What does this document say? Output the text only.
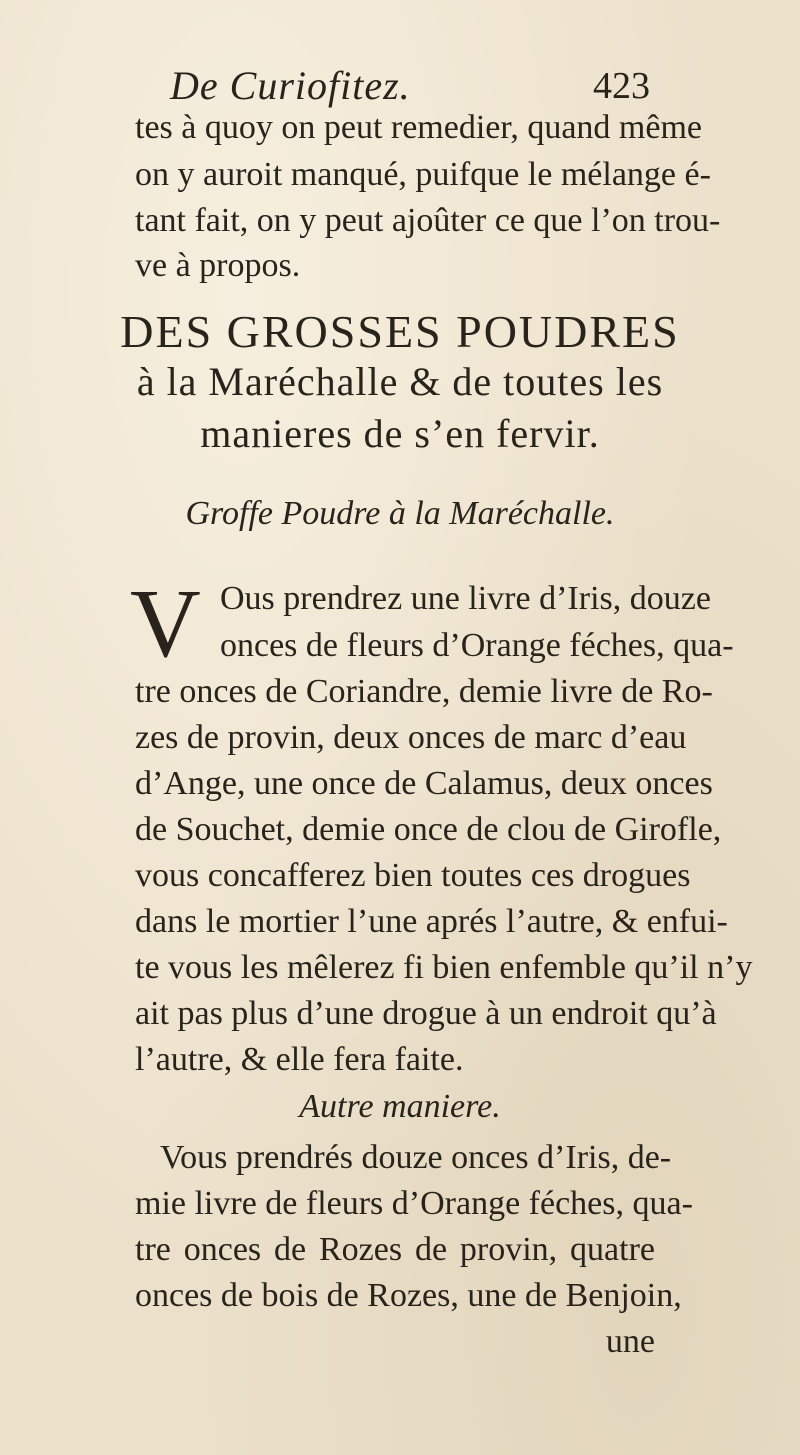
De Curiofitez.	423
tes à quoy on peut remedier, quand même
on y auroit manqué, puifque le mélange é-
tant fait, on y peut ajoûter ce que l’on trou-
ve à propos.
DES GROSSES POUDRES
à la Maréchalle & de toutes les
manieres de s’en fervir.
Groffe Poudre à la Maréchalle.
V Ous prendrez une livre d’Iris, douze
onces de fleurs d’Orange féches, qua-
tre onces de Coriandre, demie livre de Ro-
zes de provin, deux onces de marc d’eau
d’Ange, une once de Calamus, deux onces
de Souchet, demie once de clou de Girofle,
vous concafferez bien toutes ces drogues
dans le mortier l’une aprés l’autre, & enfui-
te vous les mêlerez fi bien enfemble qu’il n’y
ait pas plus d’une drogue à un endroit qu’à
l’autre, & elle fera faite.
Autre maniere.
Vous prendrés douze onces d’Iris, de-
mie livre de fleurs d’Orange féches, qua-
tre onces de Rozes de provin, quatre
onces de bois de Rozes, une de Benjoin,
une
